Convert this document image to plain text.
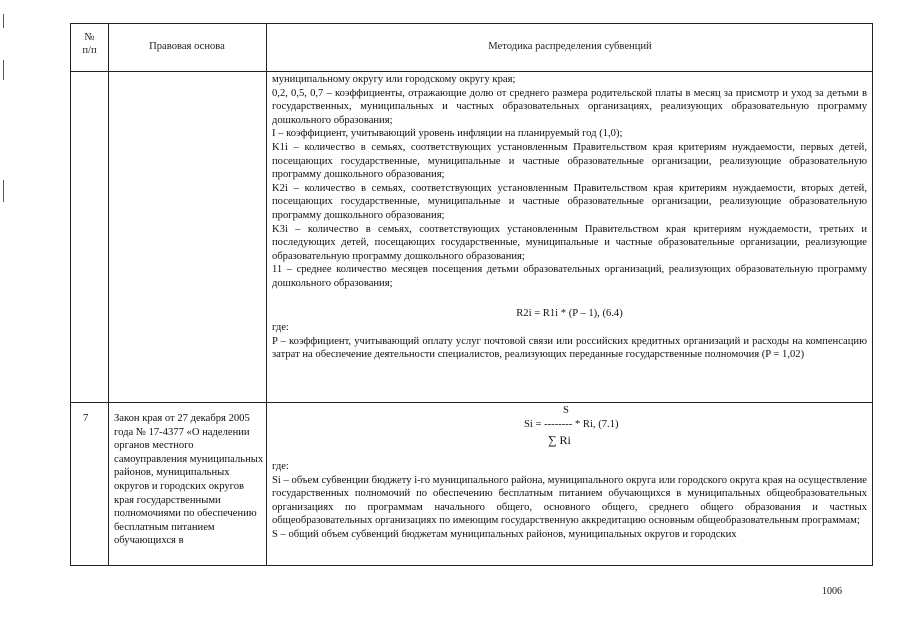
№
п/п	Правовая основа	Методика распределения субвенций

муниципальному округу или городскому округу края;

0,2, 0,5, 0,7 – коэффициенты, отражающие долю от среднего размера родительской платы в месяц за присмотр и уход за детьми в государственных, муниципальных и частных образовательных организациях, реализующих образовательную программу дошкольного образования;

I – коэффициент, учитывающий уровень инфляции на планируемый год (1,0);

K1i – количество в семьях, соответствующих установленным Правительством края критериям нуждаемости, первых детей, посещающих государственные, муниципальные и частные образовательные организации, реализующие образовательную программу дошкольного образования;

K2i – количество в семьях, соответствующих установленным Правительством края критериям нуждаемости, вторых детей, посещающих государственные, муниципальные и частные образовательные организации, реализующие образовательную программу дошкольного образования;

K3i – количество в семьях, соответствующих установленным Правительством края критериям нуждаемости, третьих и последующих детей, посещающих государственные, муниципальные и частные образовательные организации, реализующие образовательную программу дошкольного образования;

11 – среднее количество месяцев посещения детьми образовательных организаций, реализующих образовательную программу дошкольного образования;

R2i = R1i * (P – 1), (6.4)

где:

P – коэффициент, учитывающий оплату услуг почтовой связи или российских кредитных организаций и расходы на компенсацию затрат на обеспечение деятельности специалистов, реализующих переданные государственные полномочия (P = 1,02)

7 Закон края от 27 декабря 2005 года № 17-4377 «О наделении органов местного самоуправления муниципальных районов, муниципальных округов и городских округов края государственными полномочиями по обеспечению бесплатным питанием обучающихся в

S
Si = -------- * Ri, (7.1)
∑ Ri

где:

Si – объем субвенции бюджету i-го муниципального района, муниципального округа или городского округа края на осуществление государственных полномочий по обеспечению бесплатным питанием обучающихся в муниципальных общеобразовательных организациях по программам начального общего, основного общего, среднего общего образования и частных общеобразовательных организациях по имеющим государственную аккредитацию основным общеобразовательным программам;

S – общий объем субвенций бюджетам муниципальных районов, муниципальных округов и городских

1006
